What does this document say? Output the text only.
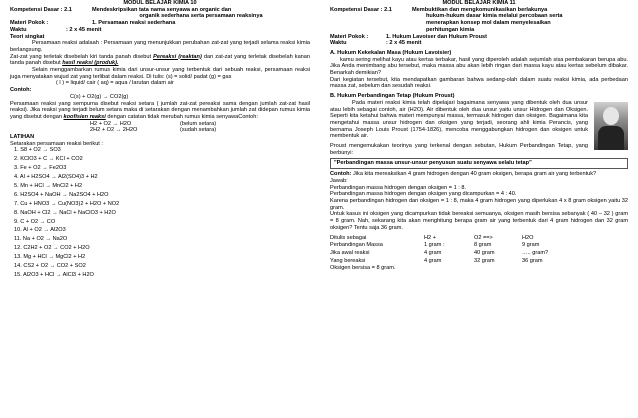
MODUL BELAJAR KIMIA 10
Kompetensi Dasar : 2.1	Mendeskripsikan tata nama senyawa an organic dan
organik sederhana serta persamaan reaksinya
Materi Pokok :	1. Persamaan reaksi sederhana
Waktu	: 2 x 45 menit
Teori singkat
Persamaan reaksi adalaah : Persamaan yang menunjukkan perubahan zat-zat yang terjadi selama reaksi kimia berlangsung.
Zat-zat yang terletak disebelah kiri tanda panah disebut Pereaksi (reaktan) dan zat-zat yang terletak disebelah kanan tanda panah disebut hasil reaksi (produk).
Selain menggambarkan rumus kimia dari unsur-unsur yang terbentuk dari sebuah reaksi, persamaan reaksi juga menyatakan wujud zat yang terlibat dalam reaksi. Di tulis: (s) = solid/ padat (g) = gas
( l ) = liquid/ cair ( aq) = aqua / larutan dalam air
Contoh:
C(s) + O2(g) → CO2(g)
Persamaan reaksi yang sempurna disebut reaksi setara ( jumlah zat-zat pereaksi sama dengan jumlah zat-zat hasil reaksi). Jika reaksi yang terjadi belum setara maka di setarakan dengan menambahkan jumlah zat didepan rumus kimia yang disebut dengan koofisien reaksi dengan catatan tidak merubah rumus kimia senyawaContoh:
H2 + O2 → H2O	(belum setara)
2H2 + O2 → 2H2O	(sudah setara)
LATIHAN
Setarakan persamaan reaksi berikut :
1. S8 + O2 → SO3
2. KClO3 + C → KCl + CO2
3. Fe + O2 → Fe2O3
4. Al + H2SO4 → Al2(SO4)3 + H2
5. Mn + HCl → MnCl2 + H2
6. H2SO4 + NaOH → Na2SO4 + H2O
7. Cu + HNO3 → Cu(NO3)2 + H2O + NO2
8. NaOH + Cl2 → NaCl + NaClO3 + H2O
9. C + O2 → CO
10. Al + O2 → Al2O3
11. Na + O2 → Na2O
12. C2H2 + O2 → CO2 + H2O
13. Mg + HCl → MgCl2 + H2
14. CS2 + O2 → CO2 + SO2
15. Al2O3 + HCl → AlCl3 + H2O
MODUL BELAJAR KIMIA 11
Kompetensi Dasar : 2.1	Membuktikan dan mengkomunikasikan berlakunya
hukum-hukum dasar kimia melalui percobaan serta
menerapkan konsep mol dalam menyelesaikan
perhitungan kimia
Materi Pokok :	1. Hukum Lavoiser dan Hukum Proust
Waktu	: 2 x 45 menit
A. Hukum Kekekalan Masa (Hukum Lavoisier)
kamu sering melihat kayu atau kertas terbakar, hasil yang diperoleh adalah sejumlah sisa pembakaran berupa abu. Jika Anda menimbang abu tersebut, maka massa abu akan lebih ringan dari massa kayu atau kertas sebelum dibakar. Benarkah demikian?
Dari kegiatan tersebut, kita mendapatkan gambaran bahwa sedang-olah dalam suatu reaksi kimia, ada perbedaan massa zat, sebelum dan sesudah reaksi.
B. Hukum Perbandingan Tetap (Hukum Proust)
Pada materi reaksi kimia telah dipelajari bagaimana senyawa yang dibentuk oleh dua unsur atau lebih sebagai contoh, air (H2O). Air dibentuk oleh dua unsur yaitu unsur Hidrogen dan Oksigen. Seperti kita ketahui bahwa materi mempunyai massa, termasuk hidrogen dan oksigen. Bagaimana kita mengetahui massa unsur hidrogen dan oksigen yang terjadi, seorang ahli kimia Perancis, yang bernama Joseph Louis Proust (1754-1826), mencoba menggabungkan hidrogen dan oksigen untuk membentuk air.
Proust mengemukakan teorinya yang terkenal dengan sebutan, Hukum Perbandingan Tetap, yang berbunyi:
"Perbandingan massa unsur-unsur penyusun suatu senyawa selalu tetap"
Contoh: Jika kita mereaksikan 4 gram hidrogen dengan 40 gram oksigen, berapa gram air yang terbentuk?
Jawab:
Perbandingan massa hidrogen dengan oksigen = 1 : 8.
Perbandingan massa hidrogen dengan oksigen yang dicampurkan = 4 : 40.
Karena perbandingan hidrogen dan oksigen = 1 : 8, maka 4 gram hidrogen yang diperlukan 4 x 8 gram oksigen yaitu 32 gram.
Untuk kasus ini oksigen yang dicampurkan tidak bereaksi semuanya, oksigen masih bersisa sebanyak ( 40 – 32 ) gram = 8 gram. Nah, sekarang kita akan menghitung berapa gram air yang terbentuk dari 4 gram hidrogen dan 32 gram oksigen? Tentu saja 36 gram.
Ditulis sebagai	H2 +	O2 ==>	H2O
Perbandingan Massa	1 gram :	8 gram	9 gram
Jika awal reaksi	4 gram	40 gram	….. gram?
Yang bereaksi	4 gram	32 gram	36 gram
Oksigen bersisa = 8 gram.			
